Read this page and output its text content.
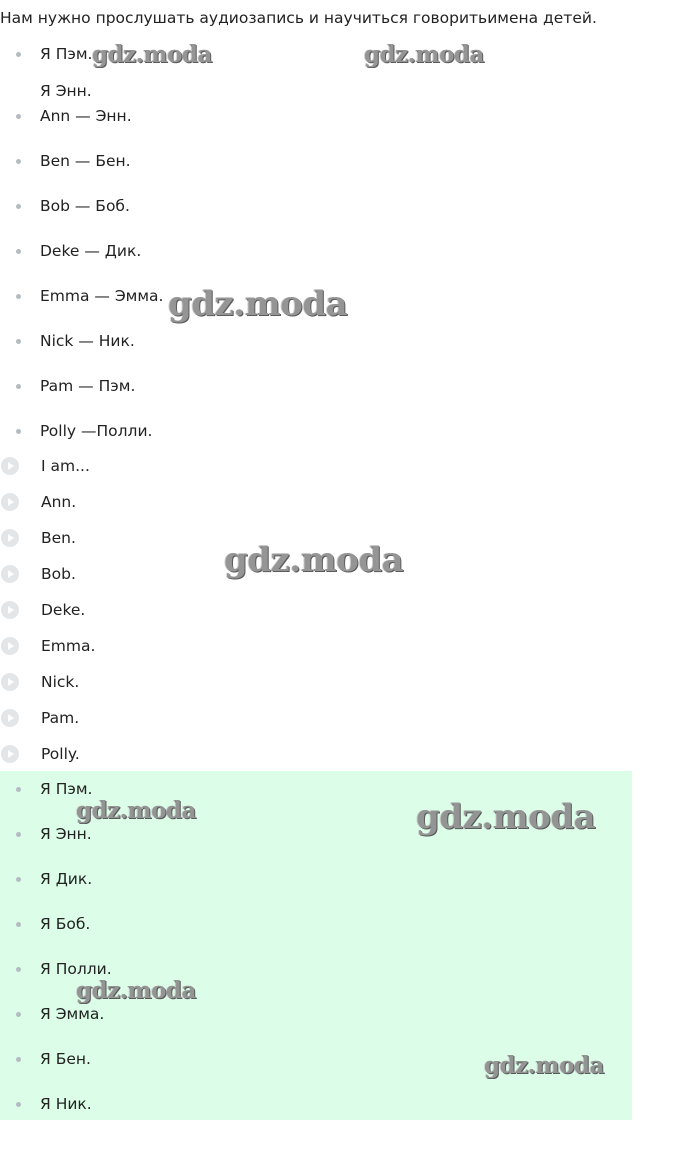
Нам нужно прослушать аудиозапись и научиться говоритьимена детей.
Я Пэм.
Я Энн.
Ann — Энн.
Ben — Бен.
Bob — Боб.
Deke — Дик.
Emma — Эмма.
Nick — Ник.
Pam — Пэм.
Polly —Полли.
I am...
Ann.
Ben.
Bob.
Deke.
Emma.
Nick.
Pam.
Polly.
Я Пэм.
Я Энн.
Я Дик.
Я Боб.
Я Полли.
Я Эмма.
Я Бен.
Я Ник.
gdz.moda	gdz.moda
gdz.moda
gdz.moda
gdz.moda	gdz.moda
gdz.moda
gdz.moda
